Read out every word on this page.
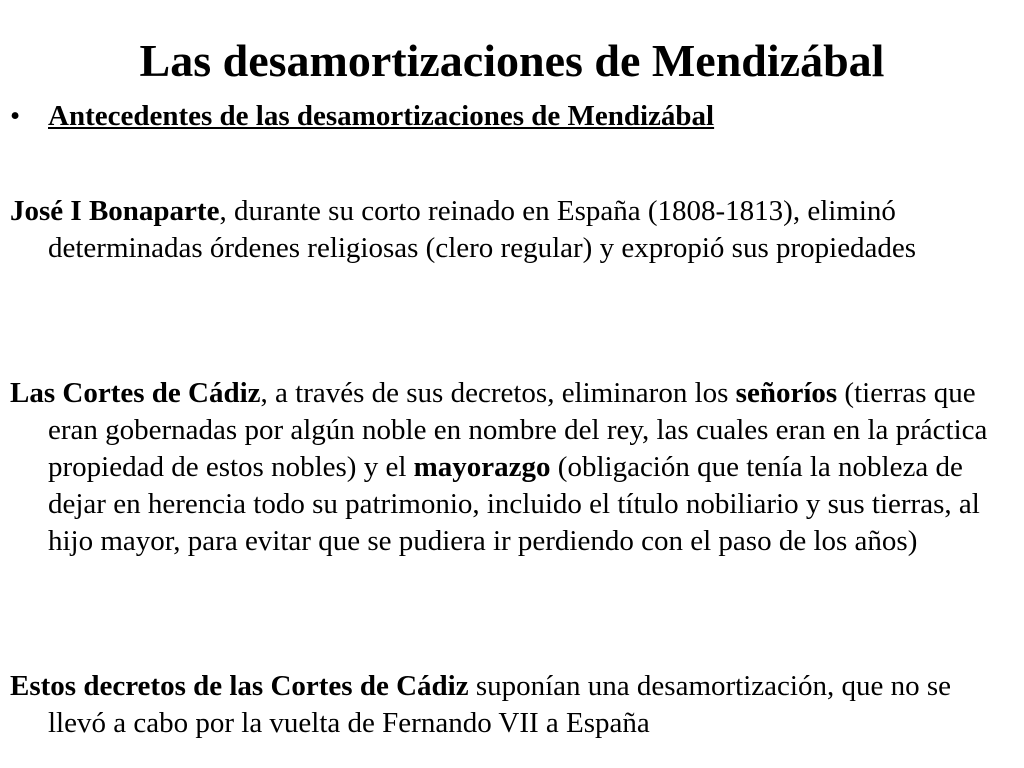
Las desamortizaciones de Mendizábal
• Antecedentes de las desamortizaciones de Mendizábal

José I Bonaparte, durante su corto reinado en España (1808-1813), eliminó determinadas órdenes religiosas (clero regular) y expropió sus propiedades

Las Cortes de Cádiz, a través de sus decretos, eliminaron los señoríos (tierras que eran gobernadas por algún noble en nombre del rey, las cuales eran en la práctica propiedad de estos nobles) y el mayorazgo (obligación que tenía la nobleza de dejar en herencia todo su patrimonio, incluido el título nobiliario y sus tierras, al hijo mayor, para evitar que se pudiera ir perdiendo con el paso de los años)

Estos decretos de las Cortes de Cádiz suponían una desamortización, que no se llevó a cabo por la vuelta de Fernando VII a España
